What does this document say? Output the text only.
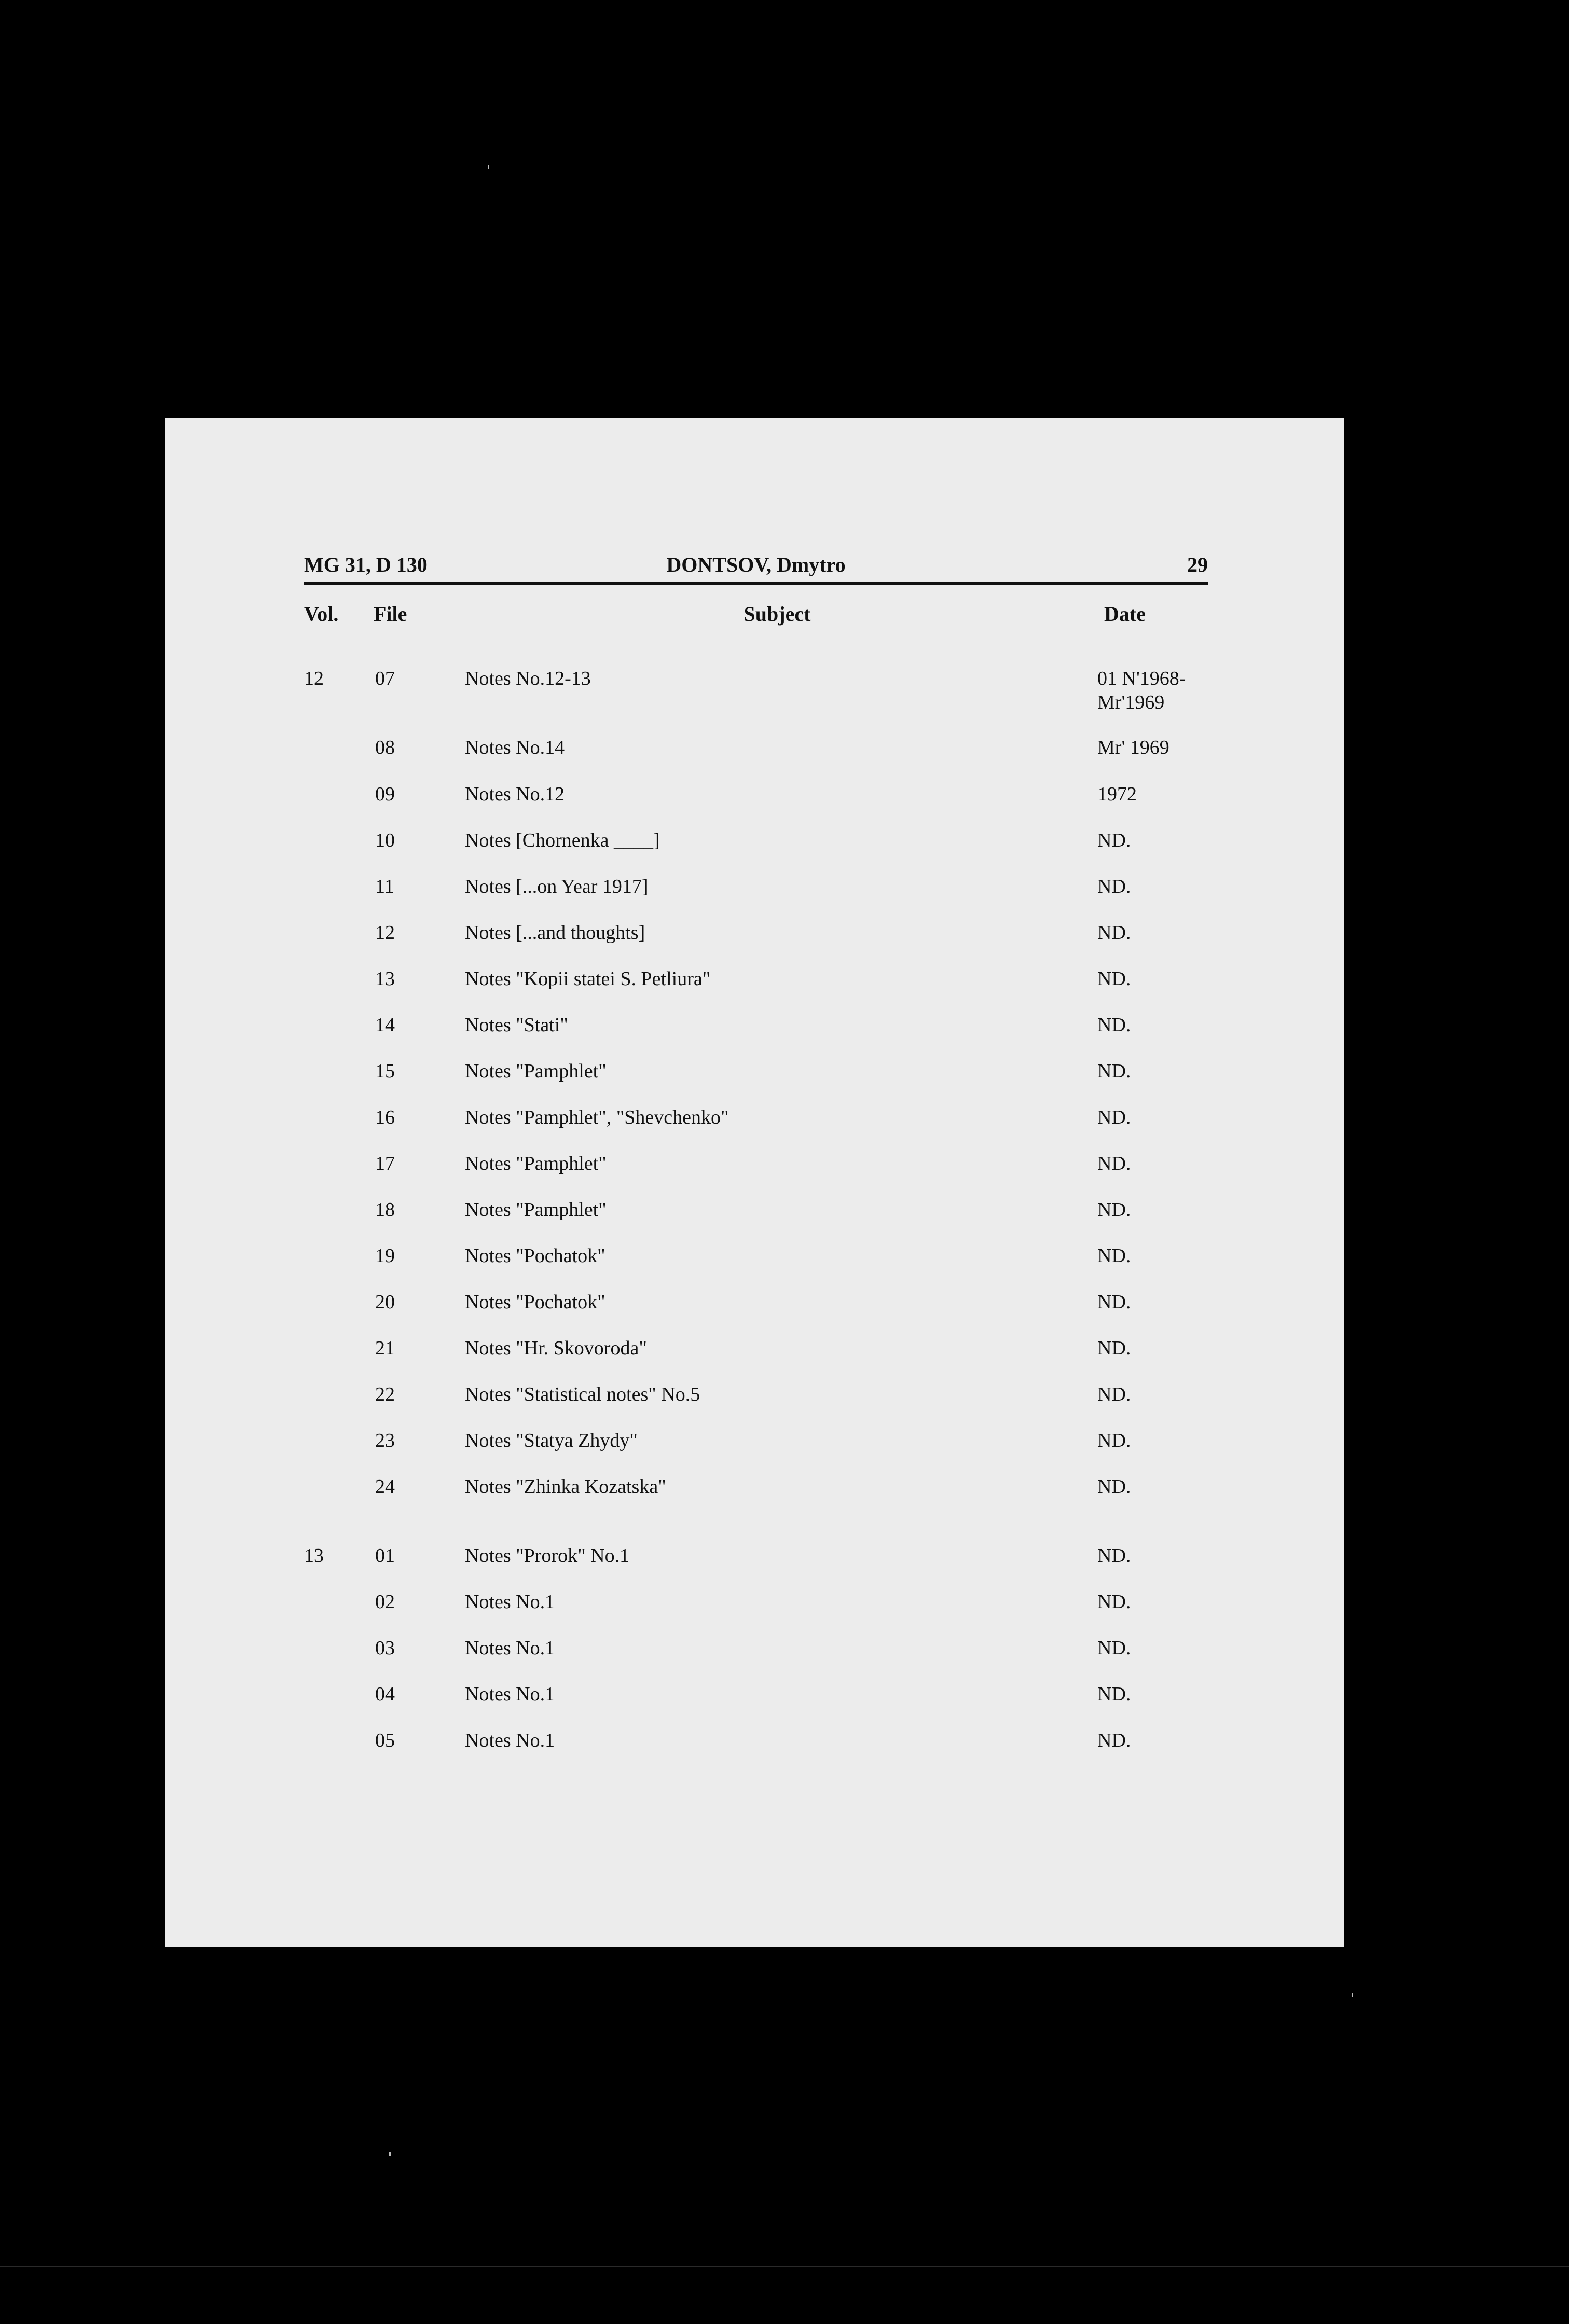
MG 31, D 130	DONTSOV, Dmytro	29
Vol. File	Subject	Date
12	07	Notes No.12-13	01 N'1968-
Mr'1969
08	Notes No.14	Mr' 1969
09	Notes No.12	1972
10	Notes [Chornenka ____]	ND.
11	Notes [...on Year 1917]	ND.
12	Notes [...and thoughts]	ND.
13	Notes "Kopii statei S. Petliura"	ND.
14	Notes "Stati"	ND.
15	Notes "Pamphlet"	ND.
16	Notes "Pamphlet", "Shevchenko"	ND.
17	Notes "Pamphlet"	ND.
18	Notes "Pamphlet"	ND.
19	Notes "Pochatok"	ND.
20	Notes "Pochatok"	ND.
21	Notes "Hr. Skovoroda"	ND.
22	Notes "Statistical notes" No.5	ND.
23	Notes "Statya Zhydy"	ND.
24	Notes "Zhinka Kozatska"	ND.
13	01	Notes "Prorok" No.1	ND.
02	Notes No.1	ND.
03	Notes No.1	ND.
04	Notes No.1	ND.
05	Notes No.1	ND.
